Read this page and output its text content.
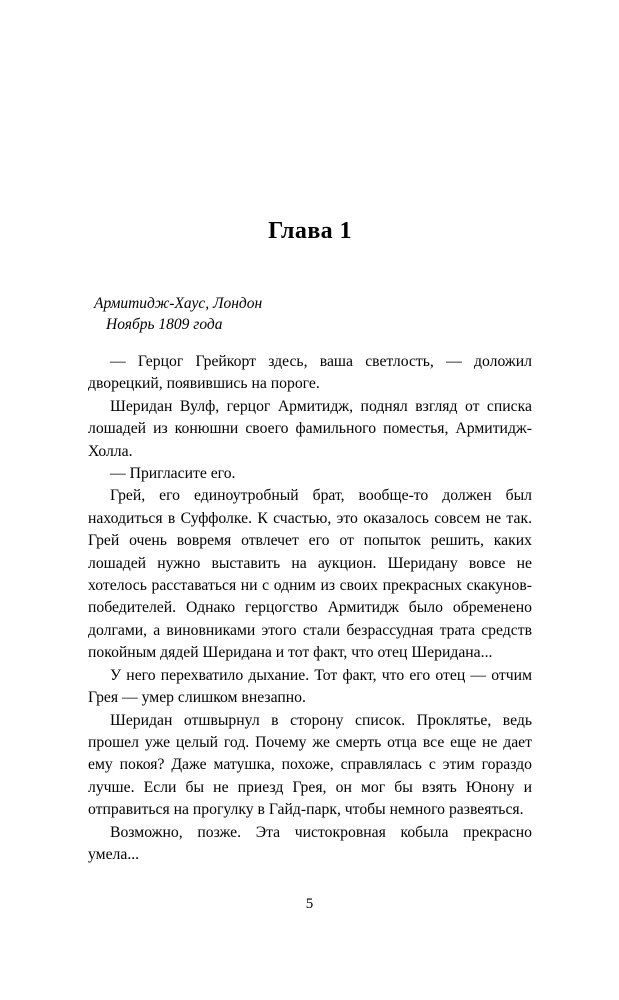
Глава 1
Армитидж-Хаус, Лондон
Ноябрь 1809 года

— Герцог Грейкорт здесь, ваша светлость, — доложил дворецкий, появившись на пороге.

Шеридан Вулф, герцог Армитидж, поднял взгляд от списка лошадей из конюшни своего фамильного поместья, Армитидж-Холла.

— Пригласите его.

Грей, его единоутробный брат, вообще-то должен был находиться в Суффолке. К счастью, это оказалось совсем не так. Грей очень вовремя отвлечет его от попыток решить, каких лошадей нужно выставить на аукцион. Шеридану вовсе не хотелось расставаться ни с одним из своих прекрасных скакунов-победителей. Однако герцогство Армитидж было обременено долгами, а виновниками этого стали безрассудная трата средств покойным дядей Шеридана и тот факт, что отец Шеридана...

У него перехватило дыхание. Тот факт, что его отец — отчим Грея — умер слишком внезапно.

Шеридан отшвырнул в сторону список. Проклятье, ведь прошел уже целый год. Почему же смерть отца все еще не дает ему покоя? Даже матушка, похоже, справлялась с этим гораздо лучше. Если бы не приезд Грея, он мог бы взять Юнону и отправиться на прогулку в Гайд-парк, чтобы немного развеяться.

Возможно, позже. Эта чистокровная кобыла прекрасно умела...

5
